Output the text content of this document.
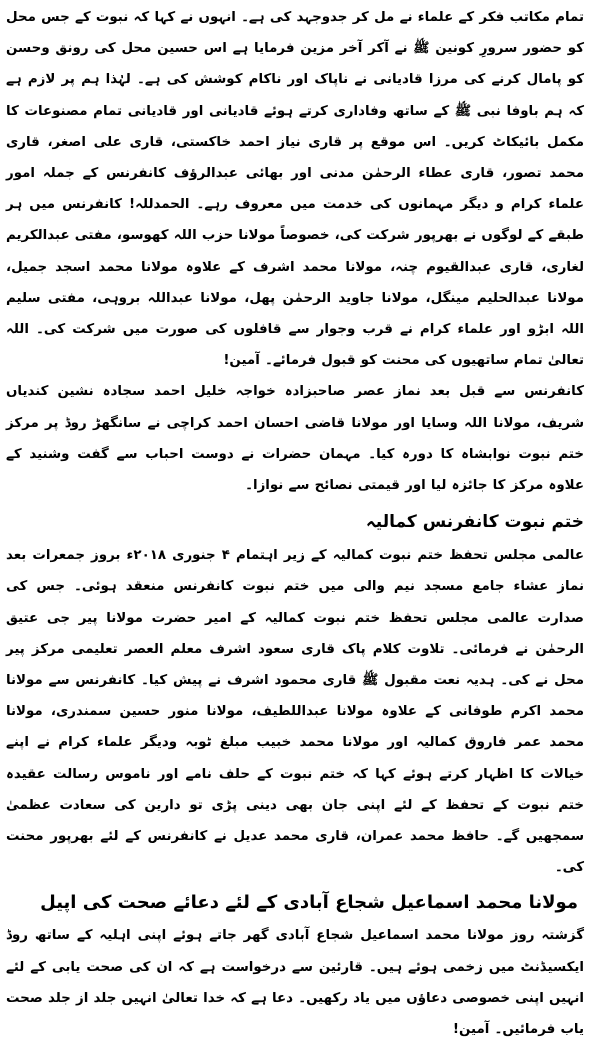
تمام مکاتب فکر کے علماء نے مل کر جدوجہد کی ہے۔ انہوں نے کہا کہ نبوت کے جس محل کو حضور سرورِ کونین ﷺ نے آکر آخر مزین فرمایا ہے اس حسین محل کی رونق وحسن کو پامال کرنے کی مرزا قادیانی نے ناپاک اور ناکام کوشش کی ہے۔ لہٰذا ہم پر لازم ہے کہ ہم باوفا نبی ﷺ کے ساتھ وفاداری کرتے ہوئے قادیانی اور قادیانی تمام مصنوعات کا مکمل بائیکاٹ کریں۔ اس موقع پر قاری نیاز احمد خاکستی، قاری علی اصغر، قاری محمد تصور، قاری عطاء الرحمٰن مدنی اور بھائی عبدالرؤف کانفرنس کے جملہ امور علماء کرام و دیگر مہمانوں کی خدمت میں معروف رہے۔ الحمدللہ! کانفرنس میں ہر طبقے کے لوگوں نے بھرپور شرکت کی، خصوصاً مولانا حزب اللہ کھوسو، مفتی عبدالکریم لغاری، قاری عبدالقیوم چنہ، مولانا محمد اشرف کے علاوہ مولانا محمد اسجد جمیل، مولانا عبدالحلیم مینگل، مولانا جاوید الرحمٰن پھل، مولانا عبداللہ بروہی، مفتی سلیم اللہ ابڑو اور علماء کرام نے قرب وجوار سے قافلوں کی صورت میں شرکت کی۔ اللہ تعالیٰ تمام ساتھیوں کی محنت کو قبول فرمائے۔ آمین!

کانفرنس سے قبل بعد نماز عصر صاحبزادہ خواجہ خلیل احمد سجادہ نشین کندیاں شریف، مولانا اللہ وسایا اور مولانا قاضی احسان احمد کراچی نے سانگھڑ روڈ پر مرکز ختم نبوت نوابشاہ کا دورہ کیا۔ مہمان حضرات نے دوست احباب سے گفت وشنید کے علاوہ مرکز کا جائزہ لیا اور قیمتی نصائح سے نوازا۔

ختم نبوت کانفرنس کمالیہ

عالمی مجلس تحفظ ختم نبوت کمالیہ کے زیر اہتمام ۴ جنوری ۲۰۱۸ء بروز جمعرات بعد نماز عشاء جامع مسجد نیم والی میں ختم نبوت کانفرنس منعقد ہوئی۔ جس کی صدارت عالمی مجلس تحفظ ختم نبوت کمالیہ کے امیر حضرت مولانا پیر جی عتیق الرحمٰن نے فرمائی۔ تلاوت کلام پاک قاری سعود اشرف معلم العصر تعلیمی مرکز پیر محل نے کی۔ ہدیہ نعت مقبول ﷺ قاری محمود اشرف نے پیش کیا۔ کانفرنس سے مولانا محمد اکرم طوفانی کے علاوہ مولانا عبداللطیف، مولانا منور حسین سمندری، مولانا محمد عمر فاروق کمالیہ اور مولانا محمد خبیب مبلغ ٹوبہ ودیگر علماء کرام نے اپنے خیالات کا اظہار کرتے ہوئے کہا کہ ختم نبوت کے حلف نامے اور ناموس رسالت عقیدہ ختم نبوت کے تحفظ کے لئے اپنی جان بھی دینی پڑی تو دارین کی سعادت عظمیٰ سمجھیں گے۔ حافظ محمد عمران، قاری محمد عدیل نے کانفرنس کے لئے بھرپور محنت کی۔

مولانا محمد اسماعیل شجاع آبادی کے لئے دعائے صحت کی اپیل

گزشتہ روز مولانا محمد اسماعیل شجاع آبادی گھر جاتے ہوئے اپنی اہلیہ کے ساتھ روڈ ایکسیڈنٹ میں زخمی ہوئے ہیں۔ قارئین سے درخواست ہے کہ ان کی صحت یابی کے لئے انہیں اپنی خصوصی دعاؤں میں یاد رکھیں۔ دعا ہے کہ خدا تعالیٰ انہیں جلد از جلد صحت یاب فرمائیں۔ آمین!
